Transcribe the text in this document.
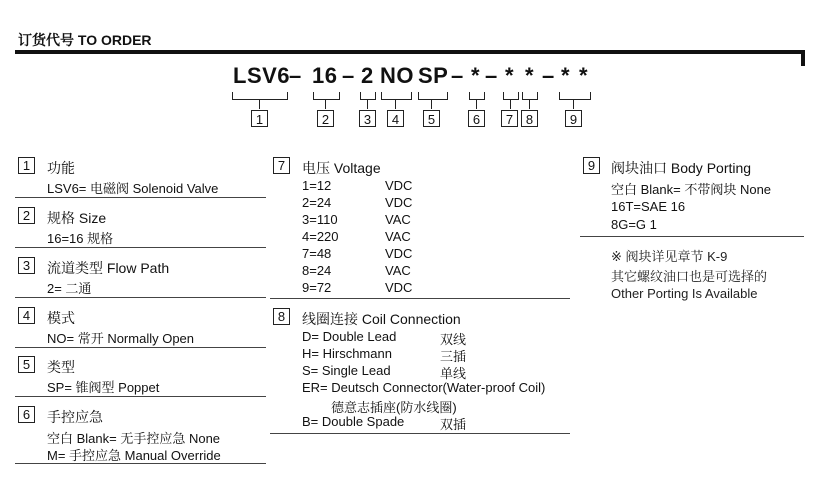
订货代号 TO ORDER
LSV6
– 16 – 2 NO SP – * – * * – * *
1	2	3	4	5	6	7 8	9
1	功能
LSV6= 电磁阀 Solenoid Valve
2	规格 Size
16=16 规格
3	流道类型 Flow Path
2= 二通
4	模式
NO= 常开 Normally Open
5	类型
SP= 锥阀型 Poppet
6	手控应急
空白 Blank= 无手控应急 None
M= 手控应急 Manual Override
7	电压 Voltage
1=12	VDC
2=24	VDC
3=110	VAC
4=220	VAC
7=48	VDC
8=24	VAC
9=72	VDC
8	线圈连接 Coil Connection
D= Double Lead	双线
H= Hirschmann	三插
S= Single Lead	单线
ER= Deutsch Connector(Water-proof Coil)
德意志插座(防水线圈)
B= Double Spade	双插
9	阀块油口 Body Porting
空白 Blank= 不带阀块 None
16T=SAE 16
8G=G 1
※ 阀块详见章节 K-9
其它螺纹油口也是可选择的
Other Porting Is Available
